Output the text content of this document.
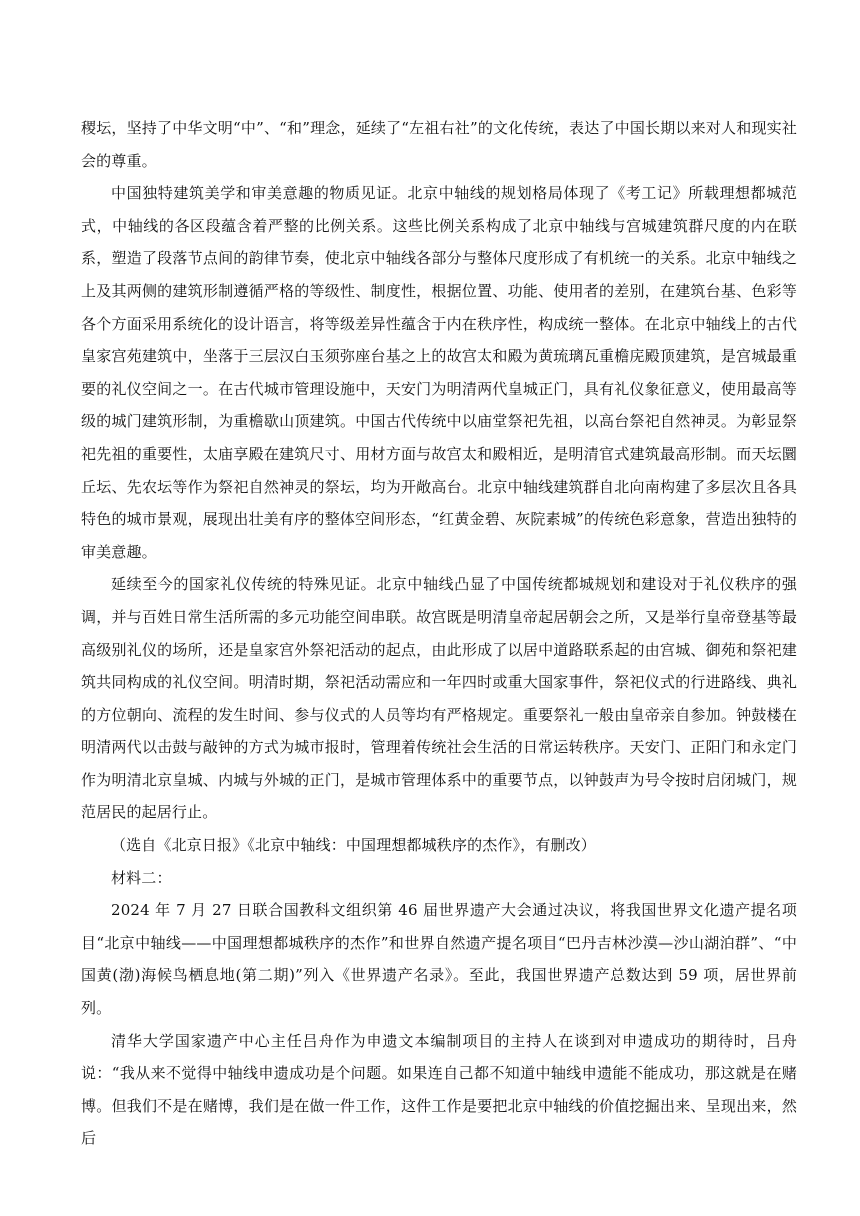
稷坛，坚持了中华文明“中”、“和”理念，延续了“左祖右社”的文化传统，表达了中国长期以来对人和现实社会的尊重。

中国独特建筑美学和审美意趣的物质见证。北京中轴线的规划格局体现了《考工记》所载理想都城范式，中轴线的各区段蕴含着严整的比例关系。这些比例关系构成了北京中轴线与宫城建筑群尺度的内在联系，塑造了段落节点间的韵律节奏，使北京中轴线各部分与整体尺度形成了有机统一的关系。北京中轴线之上及其两侧的建筑形制遵循严格的等级性、制度性，根据位置、功能、使用者的差别，在建筑台基、色彩等各个方面采用系统化的设计语言，将等级差异性蕴含于内在秩序性，构成统一整体。在北京中轴线上的古代皇家宫苑建筑中，坐落于三层汉白玉须弥座台基之上的故宫太和殿为黄琉璃瓦重檐庑殿顶建筑，是宫城最重要的礼仪空间之一。在古代城市管理设施中，天安门为明清两代皇城正门，具有礼仪象征意义，使用最高等级的城门建筑形制，为重檐歇山顶建筑。中国古代传统中以庙堂祭祀先祖，以高台祭祀自然神灵。为彰显祭祀先祖的重要性，太庙享殿在建筑尺寸、用材方面与故宫太和殿相近，是明清官式建筑最高形制。而天坛圜丘坛、先农坛等作为祭祀自然神灵的祭坛，均为开敞高台。北京中轴线建筑群自北向南构建了多层次且各具特色的城市景观，展现出壮美有序的整体空间形态，“红黄金碧、灰院素城”的传统色彩意象，营造出独特的审美意趣。

延续至今的国家礼仪传统的特殊见证。北京中轴线凸显了中国传统都城规划和建设对于礼仪秩序的强调，并与百姓日常生活所需的多元功能空间串联。故宫既是明清皇帝起居朝会之所，又是举行皇帝登基等最高级别礼仪的场所，还是皇家宫外祭祀活动的起点，由此形成了以居中道路联系起的由宫城、御苑和祭祀建筑共同构成的礼仪空间。明清时期，祭祀活动需应和一年四时或重大国家事件，祭祀仪式的行进路线、典礼的方位朝向、流程的发生时间、参与仪式的人员等均有严格规定。重要祭礼一般由皇帝亲自参加。钟鼓楼在明清两代以击鼓与敲钟的方式为城市报时，管理着传统社会生活的日常运转秩序。天安门、正阳门和永定门作为明清北京皇城、内城与外城的正门，是城市管理体系中的重要节点，以钟鼓声为号令按时启闭城门，规范居民的起居行止。

（选自《北京日报》《北京中轴线：中国理想都城秩序的杰作》，有删改）

材料二：

2024 年 7 月 27 日联合国教科文组织第 46 届世界遗产大会通过决议，将我国世界文化遗产提名项目“北京中轴线——中国理想都城秩序的杰作”和世界自然遗产提名项目“巴丹吉林沙漠—沙山湖泊群”、“中国黄(渤)海候鸟栖息地(第二期)”列入《世界遗产名录》。至此，我国世界遗产总数达到 59 项，居世界前列。

清华大学国家遗产中心主任吕舟作为申遗文本编制项目的主持人在谈到对申遗成功的期待时，吕舟说：“我从来不觉得中轴线申遗成功是个问题。如果连自己都不知道中轴线申遗能不能成功，那这就是在赌博。但我们不是在赌博，我们是在做一件工作，这件工作是要把北京中轴线的价值挖掘出来、呈现出来，然后
